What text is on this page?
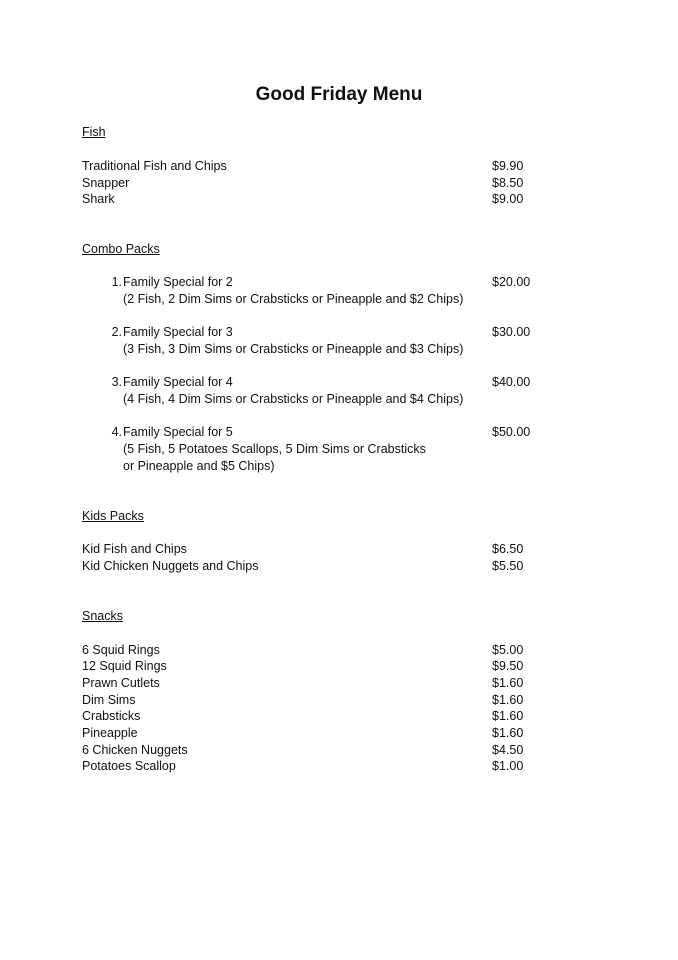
Good Friday Menu
Fish
Traditional Fish and Chips	$9.90
Snapper	$8.50
Shark	$9.00
Combo Packs
1. Family Special for 2	$20.00
(2 Fish, 2 Dim Sims or Crabsticks or Pineapple and $2 Chips)
2. Family Special for 3	$30.00
(3 Fish, 3 Dim Sims or Crabsticks or Pineapple and $3 Chips)
3. Family Special for 4	$40.00
(4 Fish, 4 Dim Sims or Crabsticks or Pineapple and $4 Chips)
4. Family Special for 5	$50.00
(5 Fish, 5 Potatoes Scallops, 5 Dim Sims or Crabsticks
or Pineapple and $5 Chips)
Kids Packs
Kid Fish and Chips	$6.50
Kid Chicken Nuggets and Chips	$5.50
Snacks
6 Squid Rings	$5.00
12 Squid Rings	$9.50
Prawn Cutlets	$1.60
Dim Sims	$1.60
Crabsticks	$1.60
Pineapple	$1.60
6 Chicken Nuggets	$4.50
Potatoes Scallop	$1.00
